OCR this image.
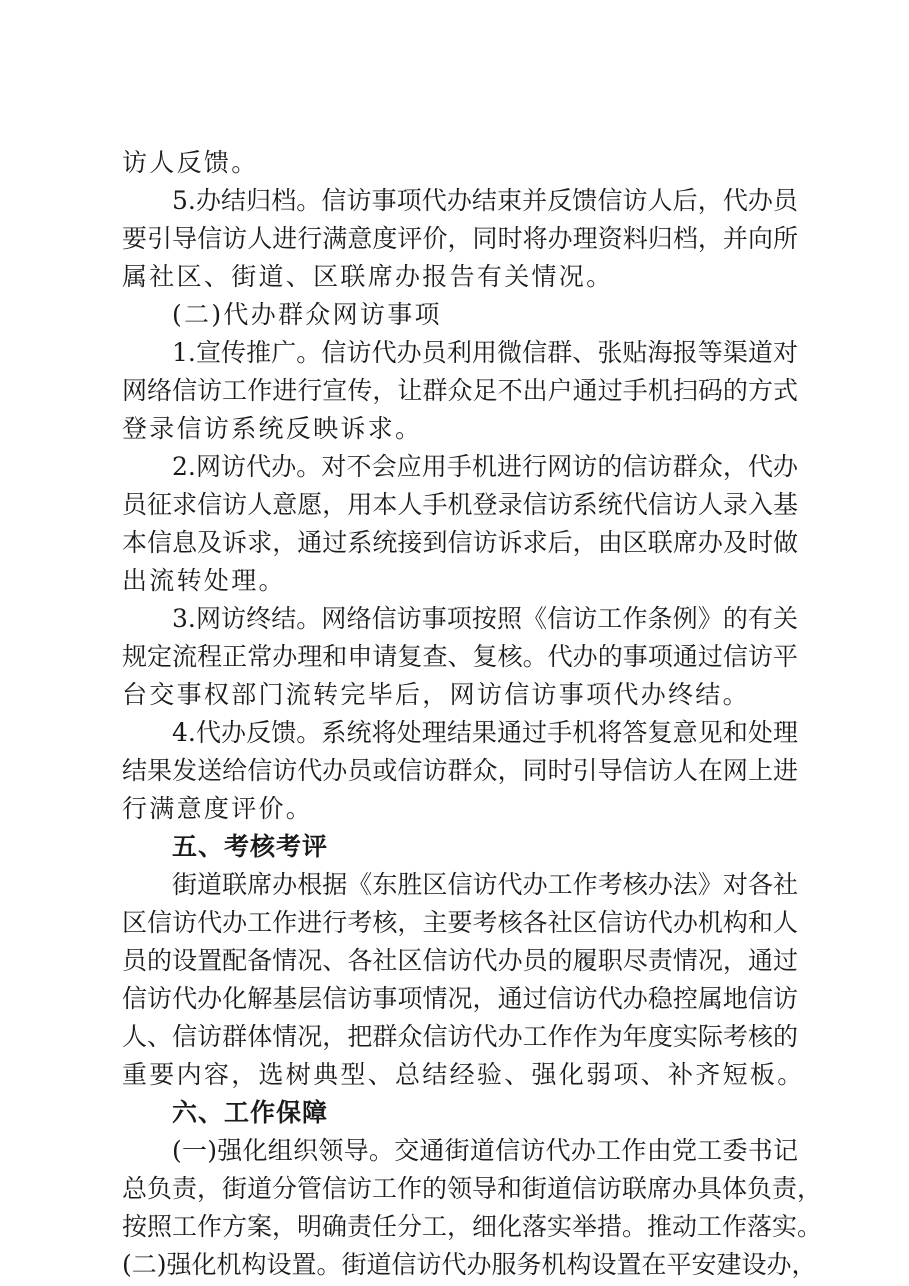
访人反馈。
5.办结归档。信访事项代办结束并反馈信访人后，代办员
要引导信访人进行满意度评价，同时将办理资料归档，并向所
属社区、街道、区联席办报告有关情况。
(二)代办群众网访事项
1.宣传推广。信访代办员利用微信群、张贴海报等渠道对
网络信访工作进行宣传，让群众足不出户通过手机扫码的方式
登录信访系统反映诉求。
2.网访代办。对不会应用手机进行网访的信访群众，代办
员征求信访人意愿，用本人手机登录信访系统代信访人录入基
本信息及诉求，通过系统接到信访诉求后，由区联席办及时做
出流转处理。
3.网访终结。网络信访事项按照《信访工作条例》的有关
规定流程正常办理和申请复查、复核。代办的事项通过信访平
台交事权部门流转完毕后，网访信访事项代办终结。
4.代办反馈。系统将处理结果通过手机将答复意见和处理
结果发送给信访代办员或信访群众，同时引导信访人在网上进
行满意度评价。
五、考核考评
街道联席办根据《东胜区信访代办工作考核办法》对各社
区信访代办工作进行考核，主要考核各社区信访代办机构和人
员的设置配备情况、各社区信访代办员的履职尽责情况，通过
信访代办化解基层信访事项情况，通过信访代办稳控属地信访
人、信访群体情况，把群众信访代办工作作为年度实际考核的
重要内容，选树典型、总结经验、强化弱项、补齐短板。
六、工作保障
(一)强化组织领导。交通街道信访代办工作由党工委书记
总负责，街道分管信访工作的领导和街道信访联席办具体负责，
按照工作方案，明确责任分工，细化落实举措。推动工作落实。
(二)强化机构设置。街道信访代办服务机构设置在平安建设办，
